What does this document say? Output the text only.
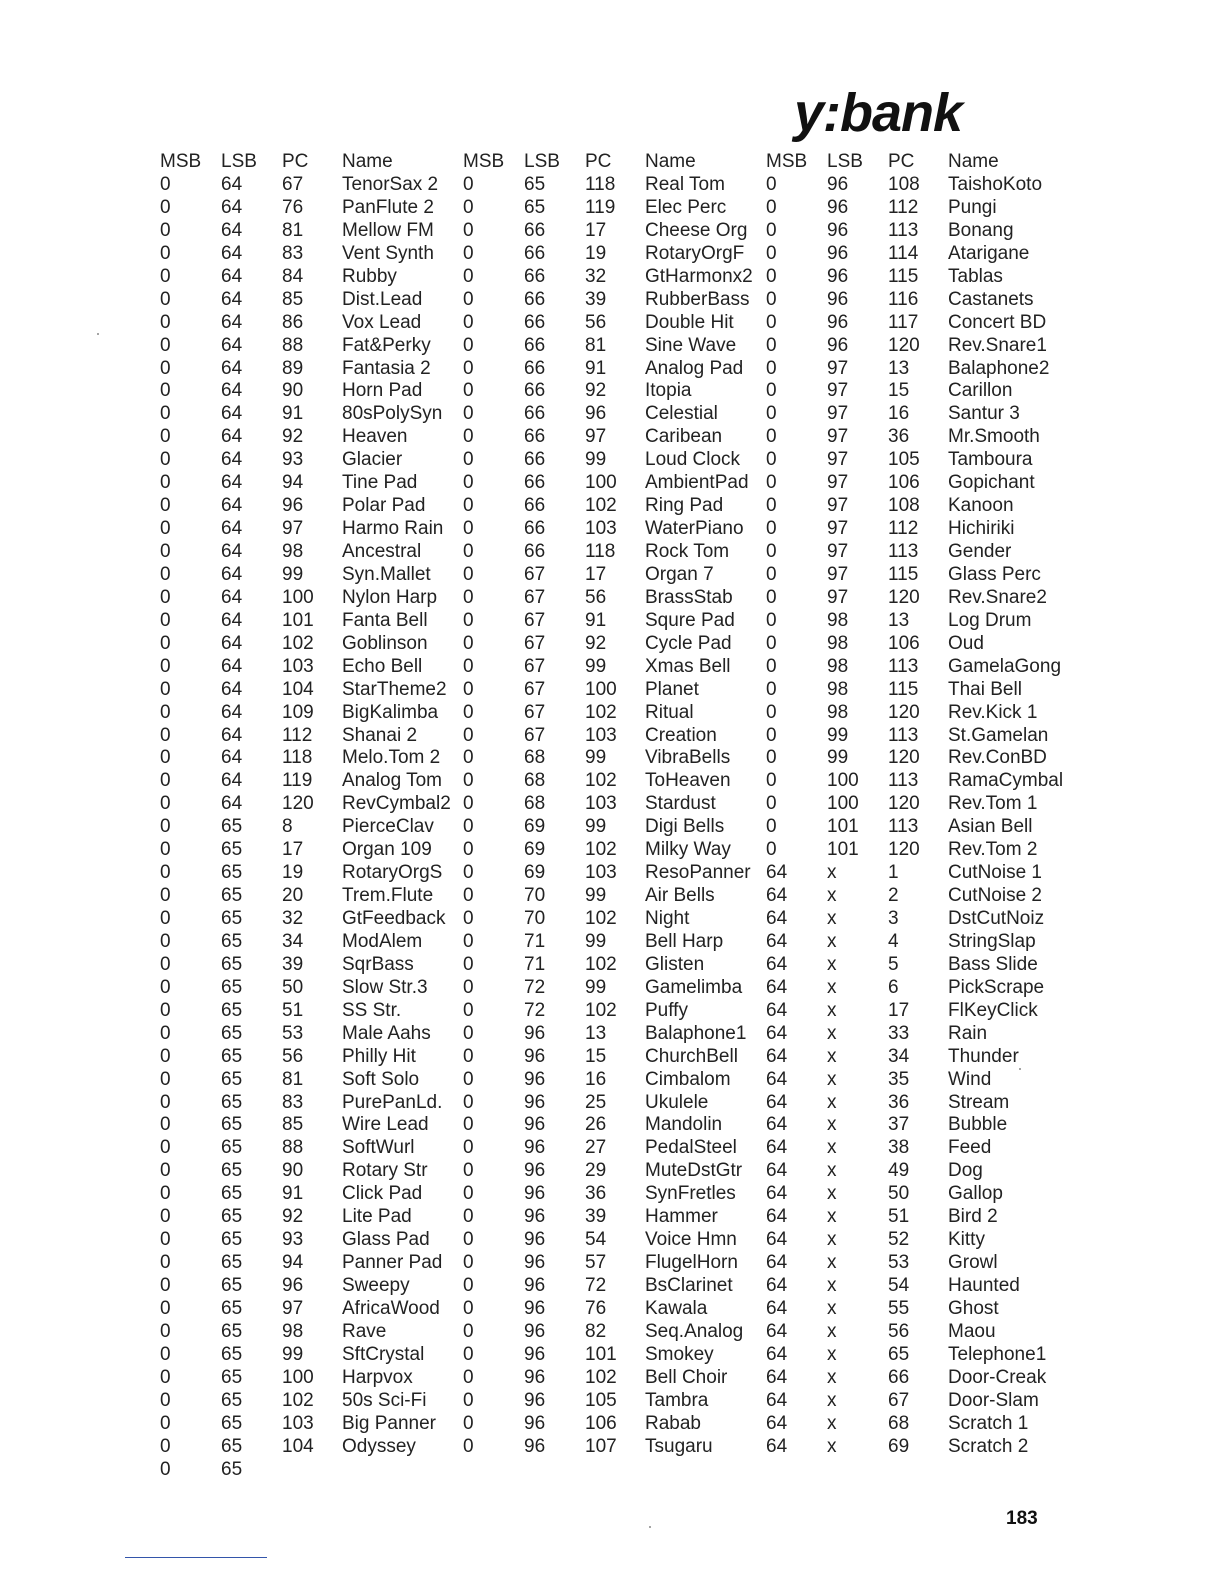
y:bank
MSB
0
0
0
0
0
0
0
0
0
0
0
0
0
0
0
0
0
0
0
0
0
0
0
0
0
0
0
0
0
0
0
0
0
0
0
0
0
0
0
0
0
0
0
0
0
0
0
0
0
0
0
0
0
0
0
0
0
LSB
64
64
64
64
64
64
64
64
64
64
64
64
64
64
64
64
64
64
64
64
64
64
64
64
64
64
64
64
65
65
65
65
65
65
65
65
65
65
65
65
65
65
65
65
65
65
65
65
65
65
65
65
65
65
65
65
65
PC
67
76
81
83
84
85
86
88
89
90
91
92
93
94
96
97
98
99
100
101
102
103
104
109
112
118
119
120
8
17
19
20
32
34
39
50
51
53
56
81
83
85
88
90
91
92
93
94
96
97
98
99
100
102
103
104
Name
TenorSax 2
PanFlute 2
Mellow FM
Vent Synth
Rubby
Dist.Lead
Vox Lead
Fat&Perky
Fantasia 2
Horn Pad
80sPolySyn
Heaven
Glacier
Tine Pad
Polar Pad
Harmo Rain
Ancestral
Syn.Mallet
Nylon Harp
Fanta Bell
Goblinson
Echo Bell
StarTheme2
BigKalimba
Shanai 2
Melo.Tom 2
Analog Tom
RevCymbal2
PierceClav
Organ 109
RotaryOrgS
Trem.Flute
GtFeedback
ModAlem
SqrBass
Slow Str.3
SS Str.
Male Aahs
Philly Hit
Soft Solo
PurePanLd.
Wire Lead
SoftWurl
Rotary Str
Click Pad
Lite Pad
Glass Pad
Panner Pad
Sweepy
AfricaWood
Rave
SftCrystal
Harpvox
50s Sci-Fi
Big Panner
Odyssey
MSB
0
0
0
0
0
0
0
0
0
0
0
0
0
0
0
0
0
0
0
0
0
0
0
0
0
0
0
0
0
0
0
0
0
0
0
0
0
0
0
0
0
0
0
0
0
0
0
0
0
0
0
0
0
0
0
0
LSB
65
65
66
66
66
66
66
66
66
66
66
66
66
66
66
66
66
67
67
67
67
67
67
67
67
68
68
68
69
69
69
70
70
71
71
72
72
96
96
96
96
96
96
96
96
96
96
96
96
96
96
96
96
96
96
96
PC
118
119
17
19
32
39
56
81
91
92
96
97
99
100
102
103
118
17
56
91
92
99
100
102
103
99
102
103
99
102
103
99
102
99
102
99
102
13
15
16
25
26
27
29
36
39
54
57
72
76
82
101
102
105
106
107
Name
Real Tom
Elec Perc
Cheese Org
RotaryOrgF
GtHarmonx2
RubberBass
Double Hit
Sine Wave
Analog Pad
Itopia
Celestial
Caribean
Loud Clock
AmbientPad
Ring Pad
WaterPiano
Rock Tom
Organ 7
BrassStab
Squre Pad
Cycle Pad
Xmas Bell
Planet
Ritual
Creation
VibraBells
ToHeaven
Stardust
Digi Bells
Milky Way
ResoPanner
Air Bells
Night
Bell Harp
Glisten
Gamelimba
Puffy
Balaphone1
ChurchBell
Cimbalom
Ukulele
Mandolin
PedalSteel
MuteDstGtr
SynFretles
Hammer
Voice Hmn
FlugelHorn
BsClarinet
Kawala
Seq.Analog
Smokey
Bell Choir
Tambra
Rabab
Tsugaru
MSB
0
0
0
0
0
0
0
0
0
0
0
0
0
0
0
0
0
0
0
0
0
0
0
0
0
0
0
0
0
0
64
64
64
64
64
64
64
64
64
64
64
64
64
64
64
64
64
64
64
64
64
64
64
64
64
64
LSB
96
96
96
96
96
96
96
96
97
97
97
97
97
97
97
97
97
97
97
98
98
98
98
98
99
99
100
100
101
101
x
x
x
x
x
x
x
x
x
x
x
x
x
x
x
x
x
x
x
x
x
x
x
x
x
x
PC
108
112
113
114
115
116
117
120
13
15
16
36
105
106
108
112
113
115
120
13
106
113
115
120
113
120
113
120
113
120
1
2
3
4
5
6
17
33
34
35
36
37
38
49
50
51
52
53
54
55
56
65
66
67
68
69
Name
TaishoKoto
Pungi
Bonang
Atarigane
Tablas
Castanets
Concert BD
Rev.Snare1
Balaphone2
Carillon
Santur 3
Mr.Smooth
Tamboura
Gopichant
Kanoon
Hichiriki
Gender
Glass Perc
Rev.Snare2
Log Drum
Oud
GamelaGong
Thai Bell
Rev.Kick 1
St.Gamelan
Rev.ConBD
RamaCymbal
Rev.Tom 1
Asian Bell
Rev.Tom 2
CutNoise 1
CutNoise 2
DstCutNoiz
StringSlap
Bass Slide
PickScrape
FlKeyClick
Rain
Thunder
Wind
Stream
Bubble
Feed
Dog
Gallop
Bird 2
Kitty
Growl
Haunted
Ghost
Maou
Telephone1
Door-Creak
Door-Slam
Scratch 1
Scratch 2
183
